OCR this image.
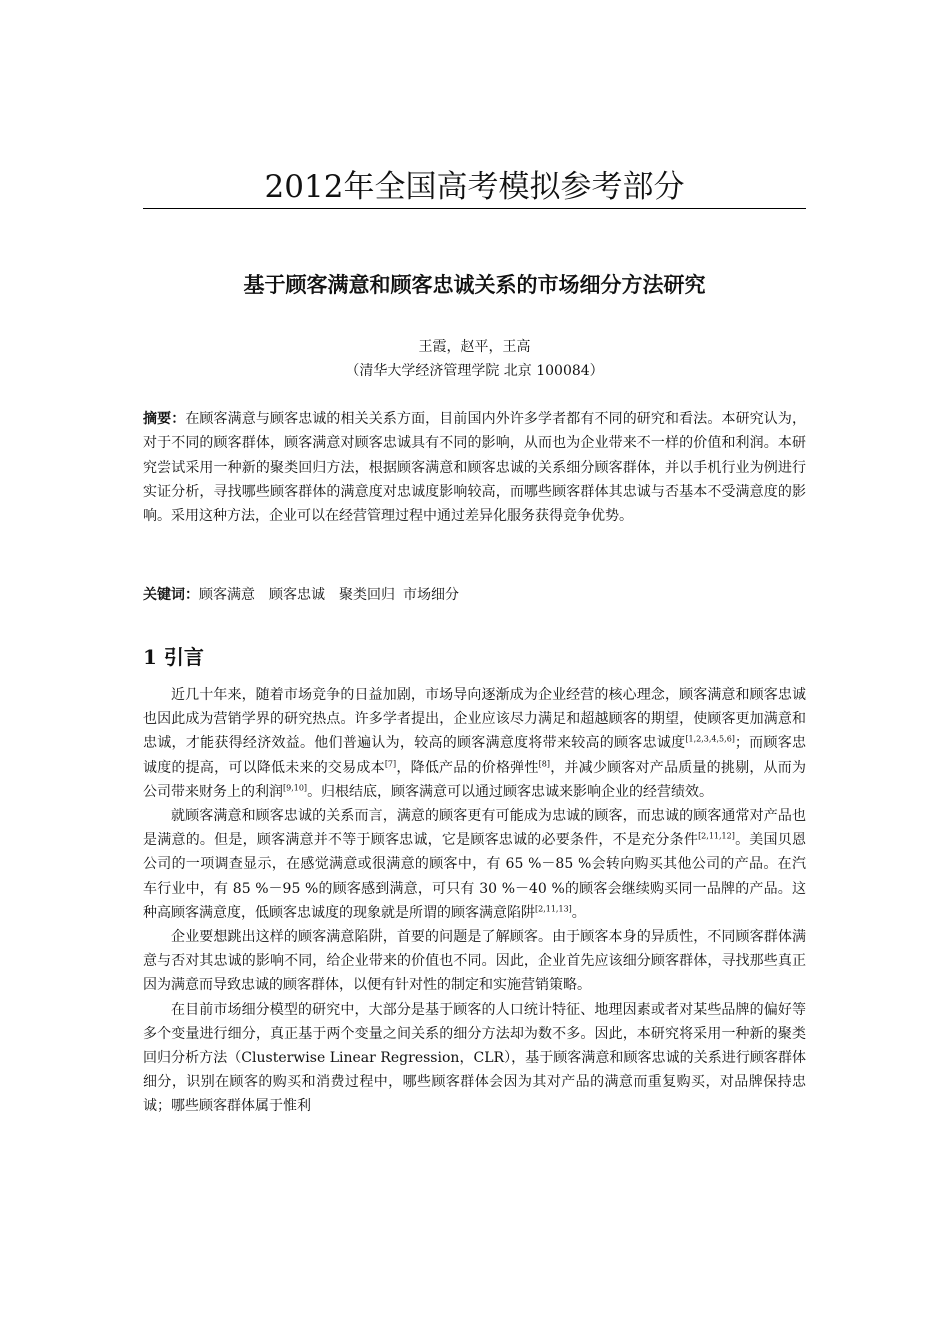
2012年全国高考模拟参考部分
基于顾客满意和顾客忠诚关系的市场细分方法研究
王霞，赵平，王高
（清华大学经济管理学院 北京 100084）

摘要：在顾客满意与顾客忠诚的相关关系方面，目前国内外许多学者都有不同的研究和看法。本研究认为，对于不同的顾客群体，顾客满意对顾客忠诚具有不同的影响，从而也为企业带来不一样的价值和利润。本研究尝试采用一种新的聚类回归方法，根据顾客满意和顾客忠诚的关系细分顾客群体，并以手机行业为例进行实证分析，寻找哪些顾客群体的满意度对忠诚度影响较高，而哪些顾客群体其忠诚与否基本不受满意度的影响。采用这种方法，企业可以在经营管理过程中通过差异化服务获得竞争优势。

关键词：顾客满意 顾客忠诚 聚类回归 市场细分

1 引言

近几十年来，随着市场竞争的日益加剧，市场导向逐渐成为企业经营的核心理念，顾客满意和顾客忠诚也因此成为营销学界的研究热点。许多学者提出，企业应该尽力满足和超越顾客的期望，使顾客更加满意和忠诚，才能获得经济效益。他们普遍认为，较高的顾客满意度将带来较高的顾客忠诚度[1,2,3,4,5,6]；而顾客忠诚度的提高，可以降低未来的交易成本[7]，降低产品的价格弹性[8]，并减少顾客对产品质量的挑剔，从而为公司带来财务上的利润[9,10]。归根结底，顾客满意可以通过顾客忠诚来影响企业的经营绩效。

就顾客满意和顾客忠诚的关系而言，满意的顾客更有可能成为忠诚的顾客，而忠诚的顾客通常对产品也是满意的。但是，顾客满意并不等于顾客忠诚，它是顾客忠诚的必要条件，不是充分条件[2,11,12]。美国贝恩公司的一项调查显示，在感觉满意或很满意的顾客中，有 65 %－85 %会转向购买其他公司的产品。在汽车行业中，有 85 %－95 %的顾客感到满意，可只有 30 %－40 %的顾客会继续购买同一品牌的产品。这种高顾客满意度，低顾客忠诚度的现象就是所谓的顾客满意陷阱[2,11,13]。

企业要想跳出这样的顾客满意陷阱，首要的问题是了解顾客。由于顾客本身的异质性，不同顾客群体满意与否对其忠诚的影响不同，给企业带来的价值也不同。因此，企业首先应该细分顾客群体，寻找那些真正因为满意而导致忠诚的顾客群体，以便有针对性的制定和实施营销策略。

在目前市场细分模型的研究中，大部分是基于顾客的人口统计特征、地理因素或者对某些品牌的偏好等多个变量进行细分，真正基于两个变量之间关系的细分方法却为数不多。因此，本研究将采用一种新的聚类回归分析方法（Clusterwise Linear Regression，CLR），基于顾客满意和顾客忠诚的关系进行顾客群体细分，识别在顾客的购买和消费过程中，哪些顾客群体会因为其对产品的满意而重复购买，对品牌保持忠诚；哪些顾客群体属于惟利
